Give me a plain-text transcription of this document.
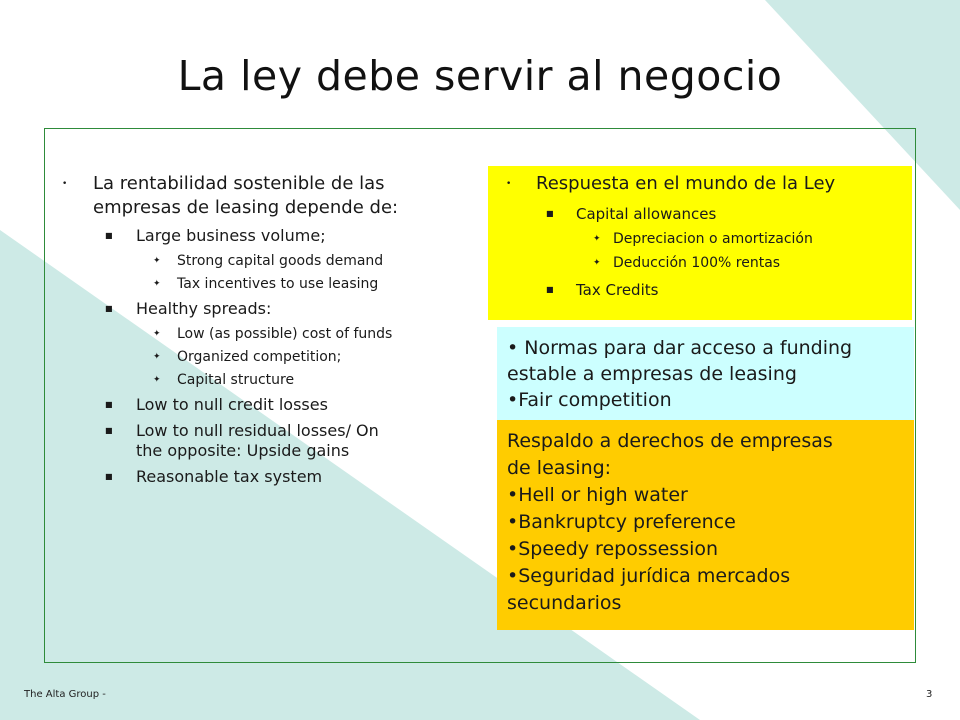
La ley debe servir al negocio
•	La rentabilidad sostenible de las
empresas de leasing depende de:
■	Large business volume;
✦	Strong capital goods demand
✦	Tax incentives to use leasing
■	Healthy spreads:
✦	Low (as possible) cost of funds
✦	Organized competition;
✦	Capital structure
■	Low to null credit losses
■	Low to null residual losses/ On
the opposite: Upside gains
■	Reasonable tax system
•	Respuesta en el mundo de la Ley
■	Capital allowances
✦ Depreciacion o amortización
✦ Deducción 100% rentas
■	Tax Credits
• Normas para dar acceso a funding
estable a empresas de leasing
•Fair competition
Respaldo a derechos de empresas
de leasing:
•Hell or high water
•Bankruptcy preference
•Speedy repossession
•Seguridad jurídica mercados
secundarios
The Alta Group -	3
